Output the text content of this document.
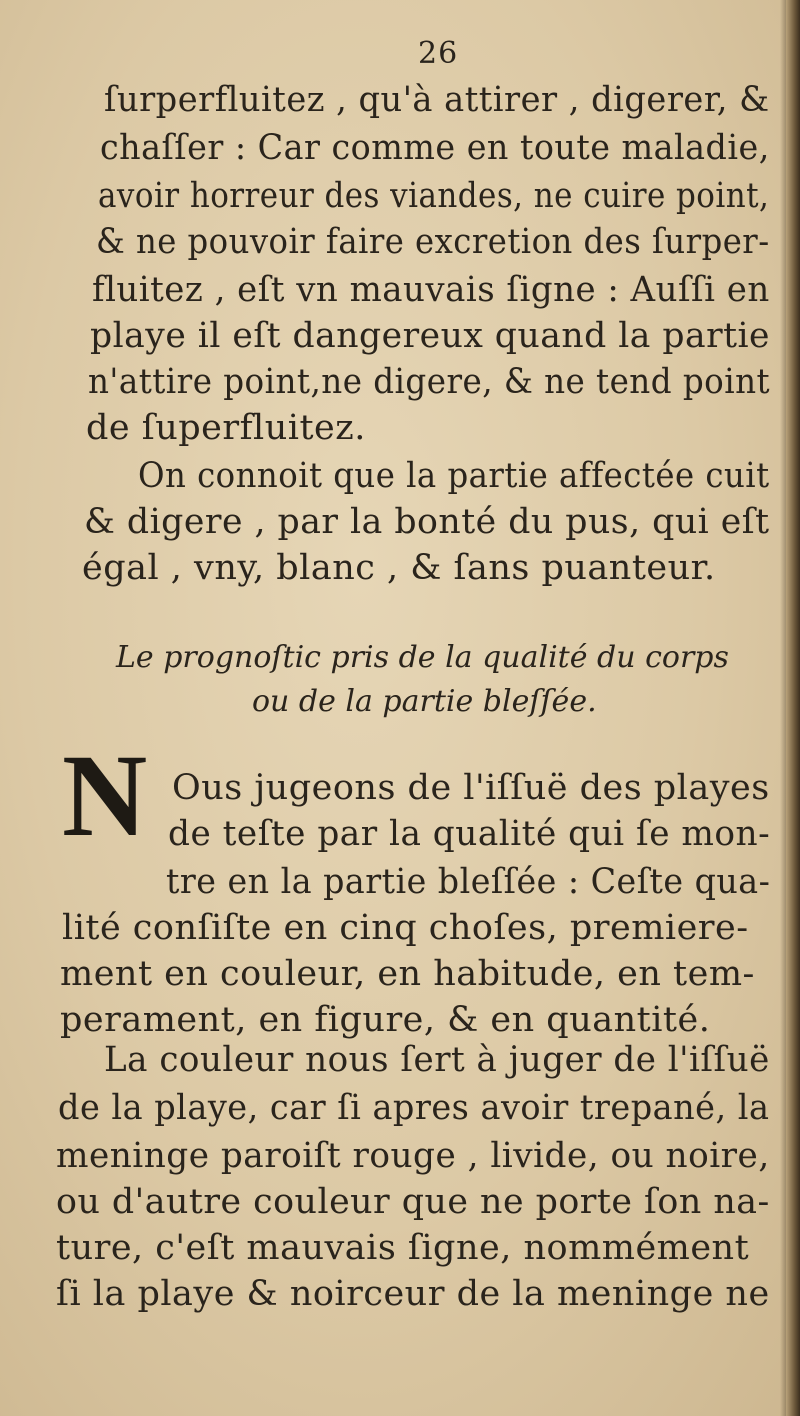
26
ſurperfluitez , qu'à attirer , digerer, &
chaſſer : Car comme en toute maladie,
avoir horreur des viandes, ne cuire point,
& ne pouvoir faire excretion des ſurper-
fluitez , eſt vn mauvais ſigne : Auſſi en
playe il eſt dangereux quand la partie
n'attire point,ne digere, & ne tend point
de ſuperfluitez.
On connoit que la partie affectée cuit
& digere , par la bonté du pus, qui eſt
égal , vny, blanc , & ſans puanteur.
Le prognoſtic pris de la qualité du corps
ou de la partie bleſſée.
N Ous jugeons de l'iſſuë des playes
de teſte par la qualité qui ſe mon-
tre en la partie bleſſée : Ceſte qua-
lité conſiſte en cinq choſes, premiere-
ment en couleur, en habitude, en tem-
perament, en figure, & en quantité.
La couleur nous ſert à juger de l'iſſuë
de la playe, car ſi apres avoir trepané, la
meninge paroiſt rouge , livide, ou noire,
ou d'autre couleur que ne porte ſon na-
ture, c'eſt mauvais ſigne, nommément
ſi la playe & noirceur de la meninge ne
